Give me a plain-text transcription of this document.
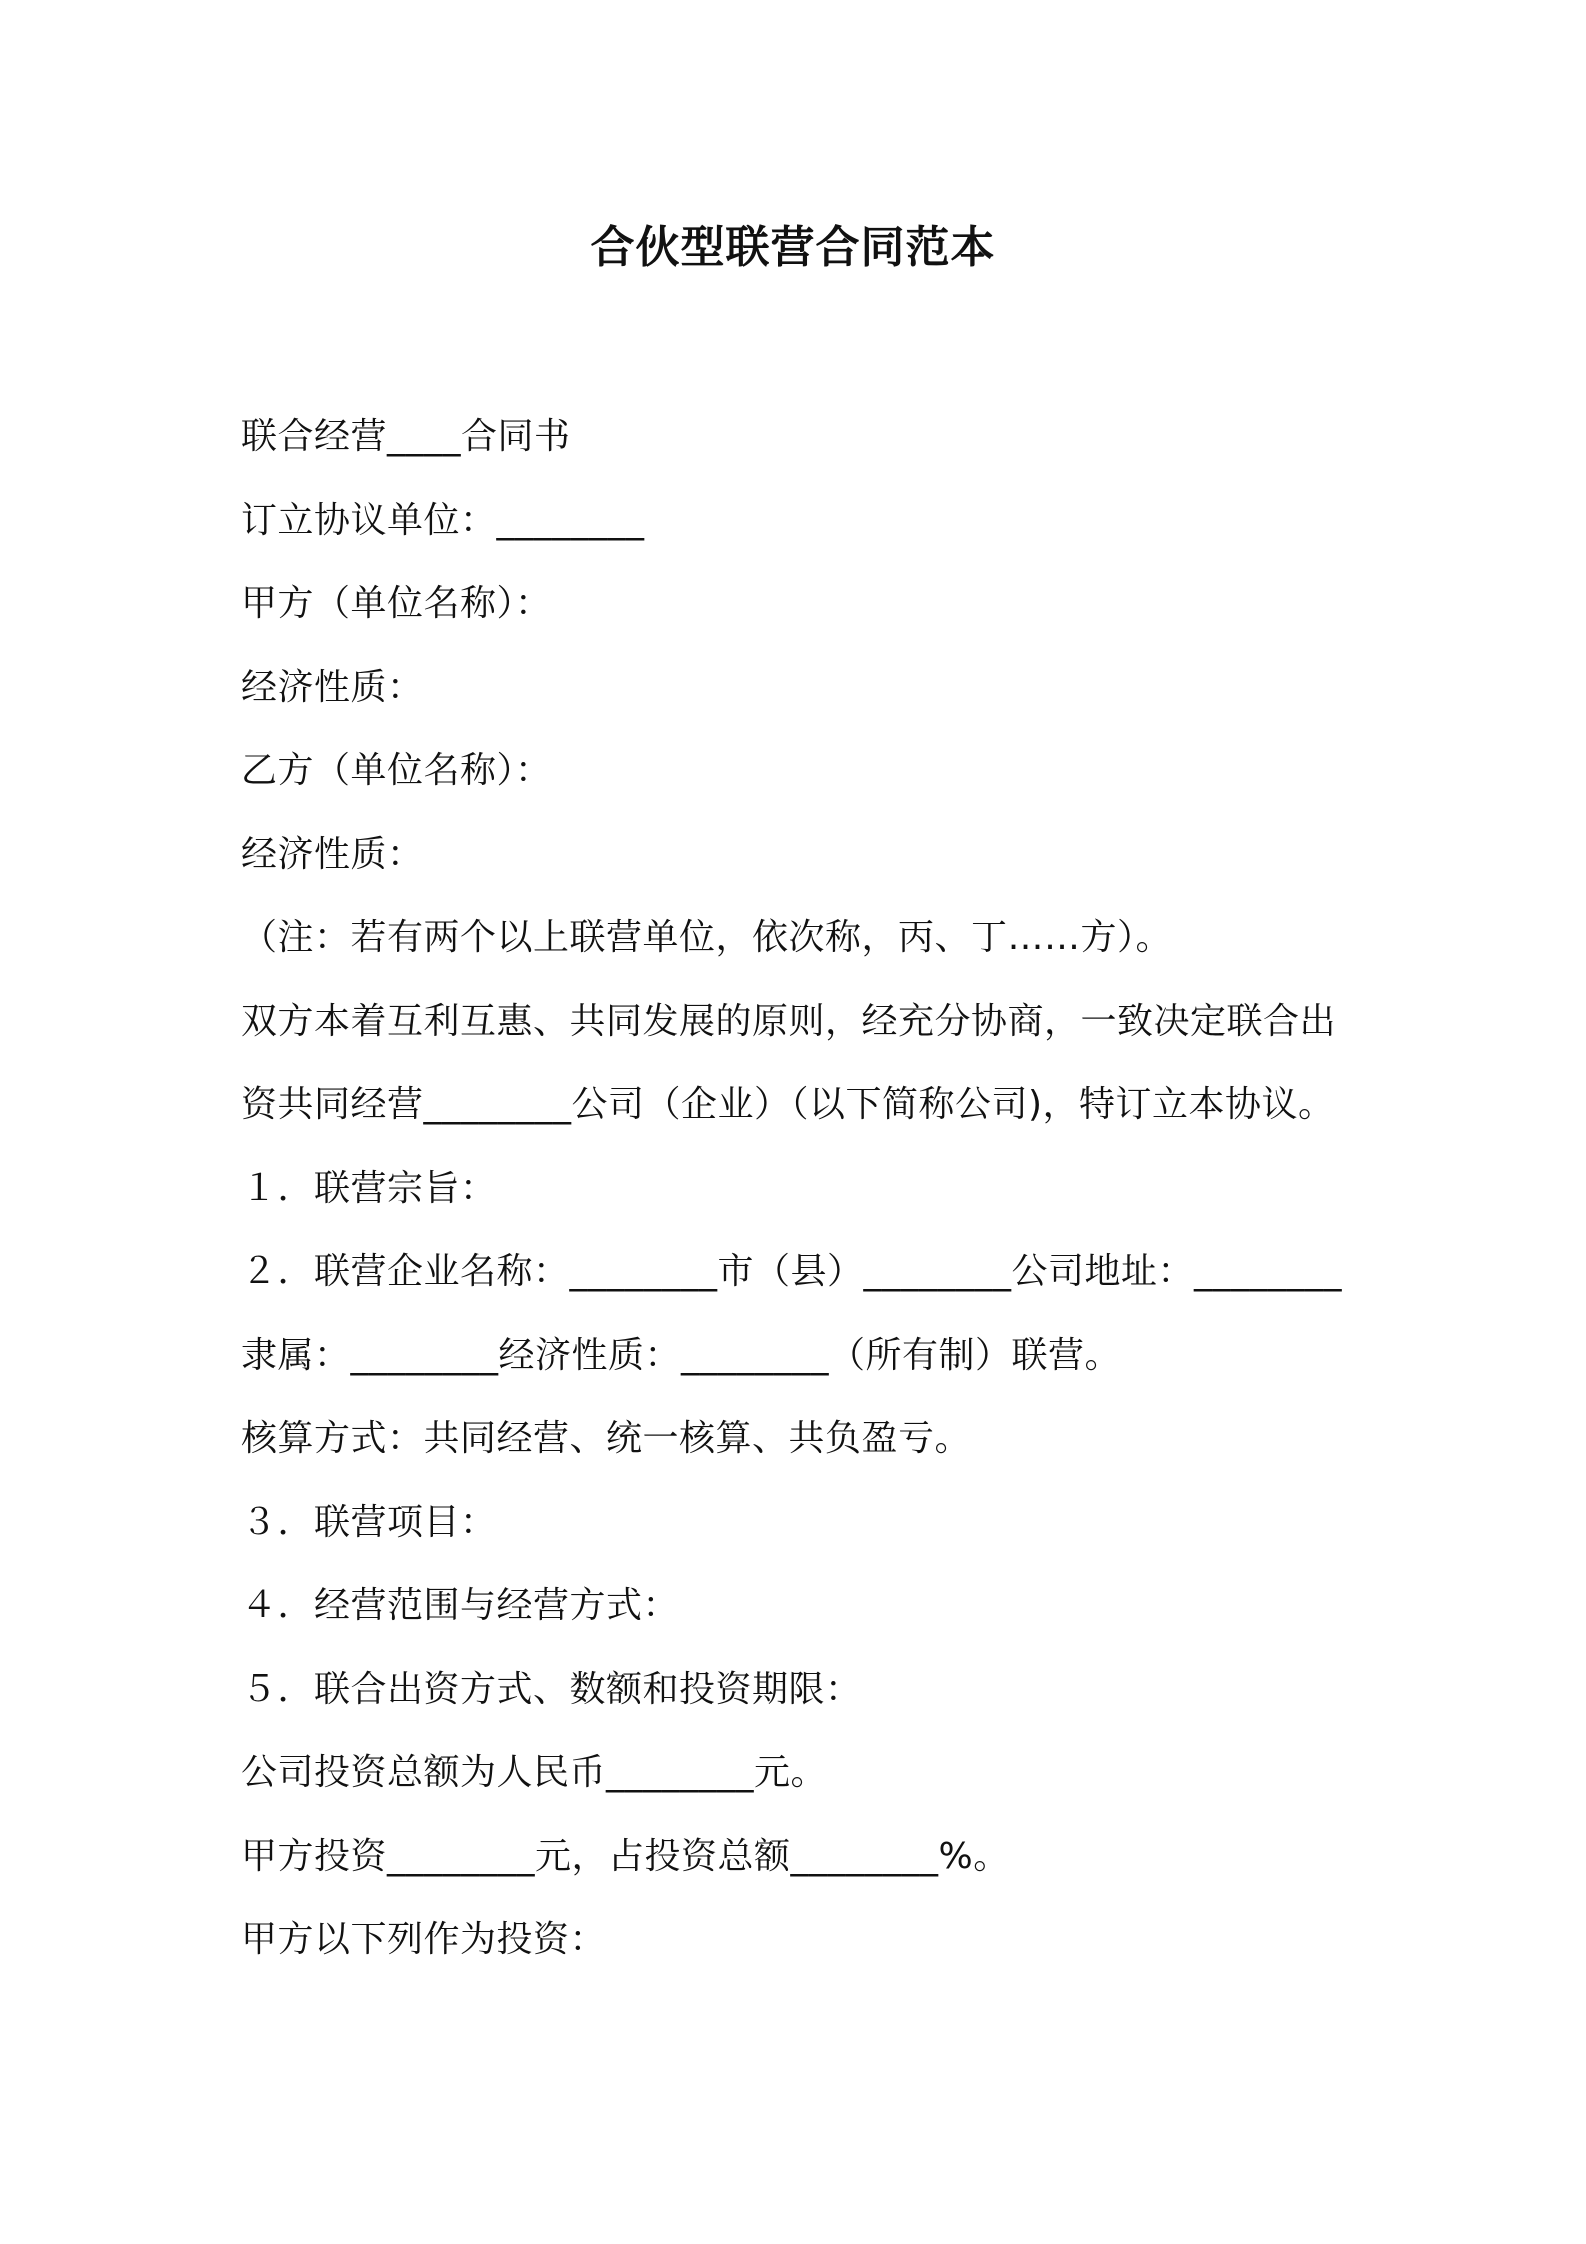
合伙型联营合同范本
联合经营____合同书
订立协议单位：________
甲方（单位名称）：
经济性质：
乙方（单位名称）：
经济性质：
（注：若有两个以上联营单位，依次称，丙、丁……方）。
双方本着互利互惠、共同发展的原则，经充分协商，一致决定联合出
资共同经营________公司（企业）（以下简称公司)，特订立本协议。
１．联营宗旨：
２．联营企业名称：________市（县）________公司地址：________
隶属：________经济性质：________（所有制）联营。
核算方式：共同经营、统一核算、共负盈亏。
３．联营项目：
４．经营范围与经营方式：
５．联合出资方式、数额和投资期限：
公司投资总额为人民币________元。
甲方投资________元，占投资总额________%。
甲方以下列作为投资：
